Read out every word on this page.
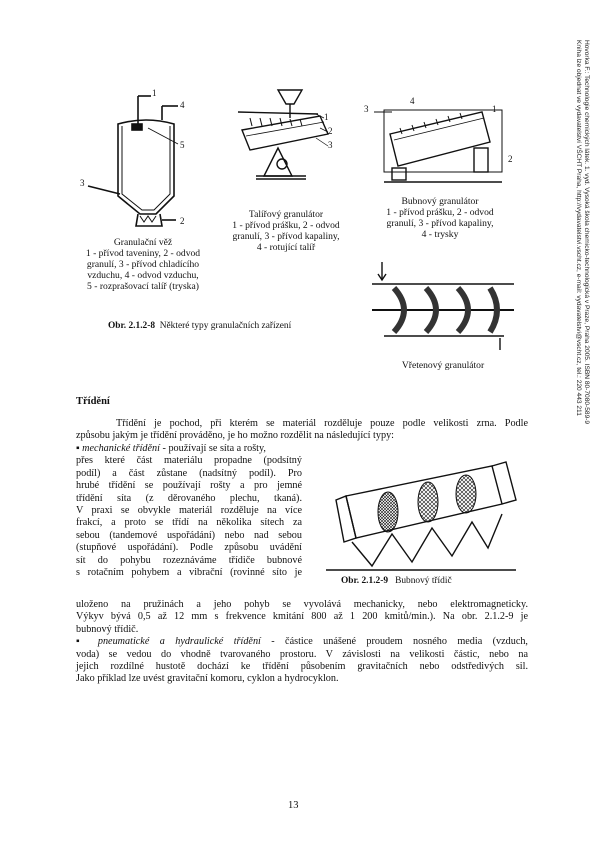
Hovorka F.: Technologie chemických látek. 1. vyd. Vysoká škola chemicko-technologická v Praze, Praha 2005. ISBN 80-7080-589-9
Kniha lze objednat ve vydavatelství VŠCHT Praha, http://vydavatelstvi.vscht.cz, e-mail: vydavatelstvi@vscht.cz, tel.: 220 443 211
1
2
3
4
5
Granulační věž
1 - přívod taveniny, 2 - odvod
granulí, 3 - přívod chladícího
vzduchu, 4 - odvod vzduchu,
5 - rozprašovací talíř (tryska)
1
2
3
Talířový granulátor
1 - přívod prášku, 2 - odvod
granulí, 3 - přívod kapaliny,
4 - rotující talíř
3	1
2
4
Bubnový granulátor
1 - přívod prášku, 2 - odvod
granulí, 3 - přívod kapaliny,
4 - trysky
Vřetenový granulátor
Obr. 2.1.2-8 Některé typy granulačních zařízení
Třídění
Třídění je pochod, při kterém se materiál rozděluje pouze podle velikosti zrna. Podle
způsobu jakým je třídění prováděno, je ho možno rozdělit na následující typy:
▪ mechanické třídění - používají se síta a rošty,
přes které část materiálu propadne (podsítný
podíl) a část zůstane (nadsítný podíl). Pro
hrubé třídění se používají rošty a pro jemné
třídění síta (z děrovaného plechu, tkaná).
V praxi se obvykle materiál rozděluje na více
frakcí, a proto se třídí na několika sítech za
sebou (tandemové uspořádání) nebo nad sebou
(stupňové uspořádání). Podle způsobu uvádění
sít do pohybu rozeznáváme třídiče bubnové
s rotačním pohybem a vibrační (rovinné síto je
Obr. 2.1.2-9 Bubnový třídič
uloženo na pružinách a jeho pohyb se vyvolává mechanicky, nebo elektromagneticky.
Výkyv bývá 0,5 až 12 mm s frekvence kmitání 800 až 1 200 kmitů/min.). Na obr. 2.1.2-9 je
bubnový třídič.
▪ pneumatické a hydraulické třídění - částice unášené proudem nosného media (vzduch,
voda) se vedou do vhodně tvarovaného prostoru. V závislosti na velikosti částic, nebo na
jejich rozdílné hustotě dochází ke třídění působením gravitačních nebo odstředivých sil.
Jako příklad lze uvést gravitační komoru, cyklon a hydrocyklon.
13
